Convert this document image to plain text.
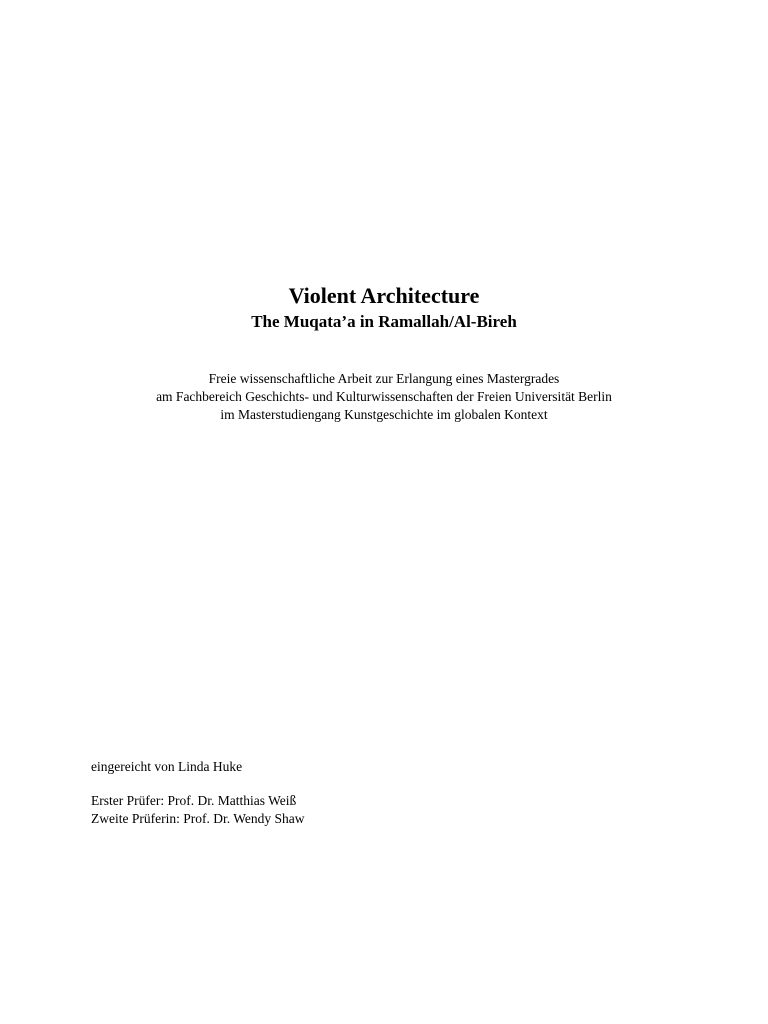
Violent Architecture
The Muqata’a in Ramallah/Al-Bireh
Freie wissenschaftliche Arbeit zur Erlangung eines Mastergrades
am Fachbereich Geschichts- und Kulturwissenschaften der Freien Universität Berlin
im Masterstudiengang Kunstgeschichte im globalen Kontext
eingereicht von Linda Huke
Erster Prüfer: Prof. Dr. Matthias Weiß
Zweite Prüferin: Prof. Dr. Wendy Shaw
